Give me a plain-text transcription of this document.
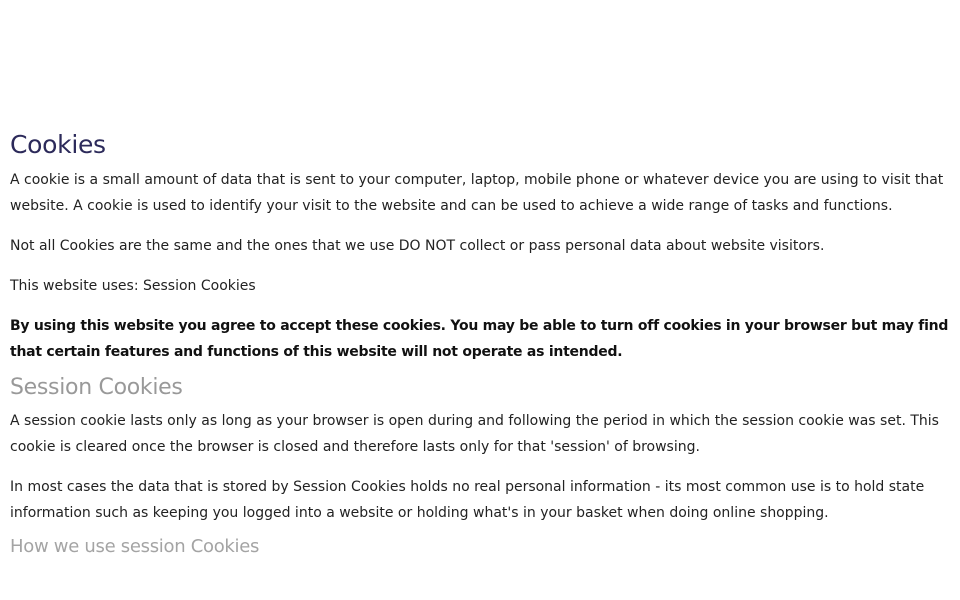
Cookies

A cookie is a small amount of data that is sent to your computer, laptop, mobile phone or whatever device you are using to visit that website. A cookie is used to identify your visit to the website and can be used to achieve a wide range of tasks and functions.

Not all Cookies are the same and the ones that we use DO NOT collect or pass personal data about website visitors.

This website uses: Session Cookies

By using this website you agree to accept these cookies. You may be able to turn off cookies in your browser but may find that certain features and functions of this website will not operate as intended.

Session Cookies

A session cookie lasts only as long as your browser is open during and following the period in which the session cookie was set. This cookie is cleared once the browser is closed and therefore lasts only for that 'session' of browsing.

In most cases the data that is stored by Session Cookies holds no real personal information - its most common use is to hold state information such as keeping you logged into a website or holding what's in your basket when doing online shopping.

How we use session Cookies
